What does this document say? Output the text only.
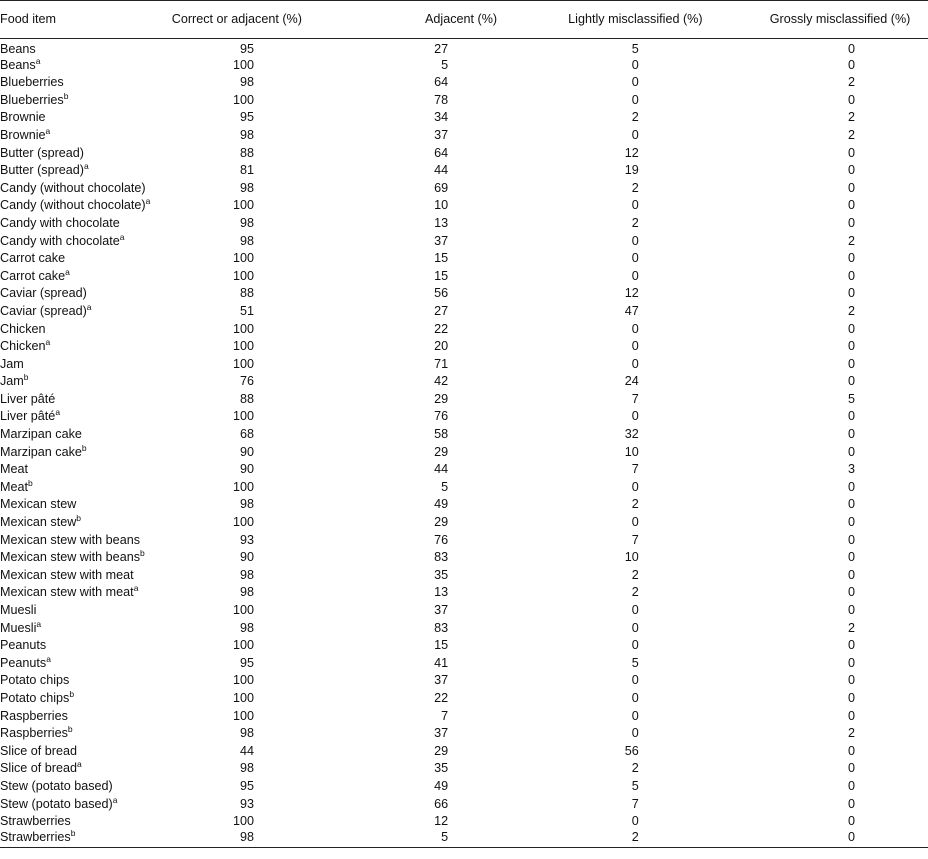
Food item	Correct or adjacent (%)	Adjacent (%)	Lightly misclassified (%)	Grossly misclassified (%)
Beans	95	27	5	0
Beans$^a$	100	5	0	0
Blueberries	98	64	0	2
Blueberries$^b$	100	78	0	0
Brownie	95	34	2	2
Brownie$^a$	98	37	0	2
Butter (spread)	88	64	12	0
Butter (spread)$^a$	81	44	19	0
Candy (without chocolate)	98	69	2	0
Candy (without chocolate)$^a$	100	10	0	0
Candy with chocolate	98	13	2	0
Candy with chocolate$^a$	98	37	0	2
Carrot cake	100	15	0	0
Carrot cake$^a$	100	15	0	0
Caviar (spread)	88	56	12	0
Caviar (spread)$^a$	51	27	47	2
Chicken	100	22	0	0
Chicken$^a$	100	20	0	0
Jam	100	71	0	0
Jam$^b$	76	42	24	0
Liver pâté	88	29	7	5
Liver pâté$^a$	100	76	0	0
Marzipan cake	68	58	32	0
Marzipan cake$^b$	90	29	10	0
Meat	90	44	7	3
Meat$^b$	100	5	0	0
Mexican stew	98	49	2	0
Mexican stew$^b$	100	29	0	0
Mexican stew with beans	93	76	7	0
Mexican stew with beans$^b$	90	83	10	0
Mexican stew with meat	98	35	2	0
Mexican stew with meat$^a$	98	13	2	0
Muesli	100	37	0	0
Muesli$^a$	98	83	0	2
Peanuts	100	15	0	0
Peanuts$^a$	95	41	5	0
Potato chips	100	37	0	0
Potato chips$^b$	100	22	0	0
Raspberries	100	7	0	0
Raspberries$^b$	98	37	0	2
Slice of bread	44	29	56	0
Slice of bread$^a$	98	35	2	0
Stew (potato based)	95	49	5	0
Stew (potato based)$^a$	93	66	7	0
Strawberries	100	12	0	0
Strawberries$^b$	98	5	2	0
